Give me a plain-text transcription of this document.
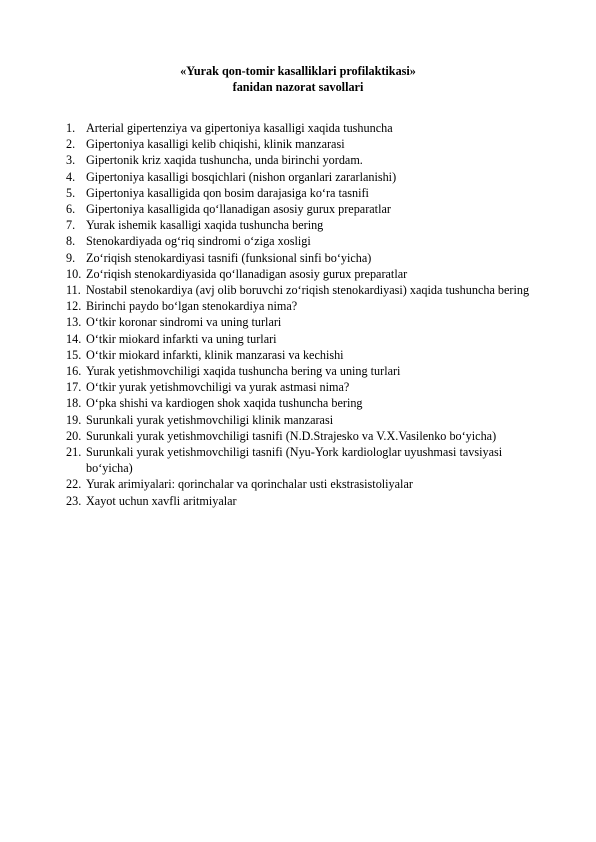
«Yurak qon-tomir kasalliklari profilaktikasi»
fanidan nazorat savollari
1. Arterial gipertenziya va gipertoniya kasalligi xaqida tushuncha
2. Gipertoniya kasalligi kelib chiqishi, klinik manzarasi
3. Gipertonik kriz xaqida tushuncha, unda birinchi yordam.
4. Gipertoniya kasalligi bosqichlari (nishon organlari zararlanishi)
5. Gipertoniya kasalligida qon bosim darajasiga ko‘ra tasnifi
6. Gipertoniya kasalligida qo‘llanadigan asosiy gurux preparatlar
7. Yurak ishemik kasalligi xaqida tushuncha bering
8. Stenokardiyada og‘riq sindromi o‘ziga xosligi
9. Zo‘riqish stenokardiyasi tasnifi (funksional sinfi bo‘yicha)
10. Zo‘riqish stenokardiyasida qo‘llanadigan asosiy gurux preparatlar
11. Nostabil stenokardiya (avj olib boruvchi zo‘riqish stenokardiyasi) xaqida tushuncha bering
12. Birinchi paydo bo‘lgan stenokardiya nima?
13. O‘tkir koronar sindromi va uning turlari
14. O‘tkir miokard infarkti va uning turlari
15. O‘tkir miokard infarkti, klinik manzarasi va kechishi
16. Yurak yetishmovchiligi xaqida tushuncha bering va uning turlari
17. O‘tkir yurak yetishmovchiligi va yurak astmasi nima?
18. O‘pka shishi va kardiogen shok xaqida tushuncha bering
19. Surunkali yurak yetishmovchiligi klinik manzarasi
20. Surunkali yurak yetishmovchiligi tasnifi (N.D.Strajesko va V.X.Vasilenko bo‘yicha)
21. Surunkali yurak yetishmovchiligi tasnifi (Nyu-York kardiologlar uyushmasi tavsiyasi bo‘yicha)
22. Yurak arimiyalari: qorinchalar va qorinchalar usti ekstrasistoliyalar
23. Xayot uchun xavfli aritmiyalar
